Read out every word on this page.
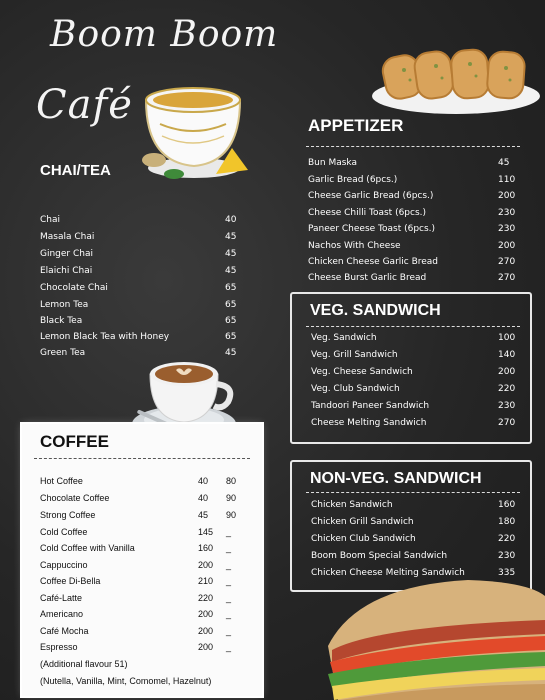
Boom Boom
Café
CHAI/TEA
Chai	40
Masala Chai	45
Ginger Chai	45
Elaichi Chai	45
Chocolate Chai	65
Lemon Tea	65
Black Tea	65
Lemon Black Tea with Honey	65
Green Tea	45
APPETIZER
Bun Maska	45
Garlic Bread (6pcs.)	110
Cheese Garlic Bread (6pcs.)	200
Cheese Chilli Toast (6pcs.)	230
Paneer Cheese Toast (6pcs.)	230
Nachos With Cheese	200
Chicken Cheese Garlic Bread	270
Cheese Burst Garlic Bread	270
VEG. SANDWICH
Veg. Sandwich	100
Veg. Grill Sandwich	140
Veg. Cheese Sandwich	200
Veg. Club Sandwich	220
Tandoori Paneer Sandwich	230
Cheese Melting Sandwich	270
NON-VEG. SANDWICH
Chicken Sandwich	160
Chicken Grill Sandwich	180
Chicken Club Sandwich	220
Boom Boom Special Sandwich	230
Chicken Cheese Melting Sandwich	335
COFFEE
Hot Coffee	40 80
Chocolate Coffee	40 90
Strong Coffee	45 90
Cold Coffee	145 _
Cold Coffee with Vanilla	160 _
Cappuccino	200 _
Coffee Di-Bella	210 _
Café-Latte	220 _
Americano	200 _
Café Mocha	200 _
Espresso	200 _
(Additional flavour 51)
(Nutella, Vanilla, Mint, Comomel, Hazelnut)
